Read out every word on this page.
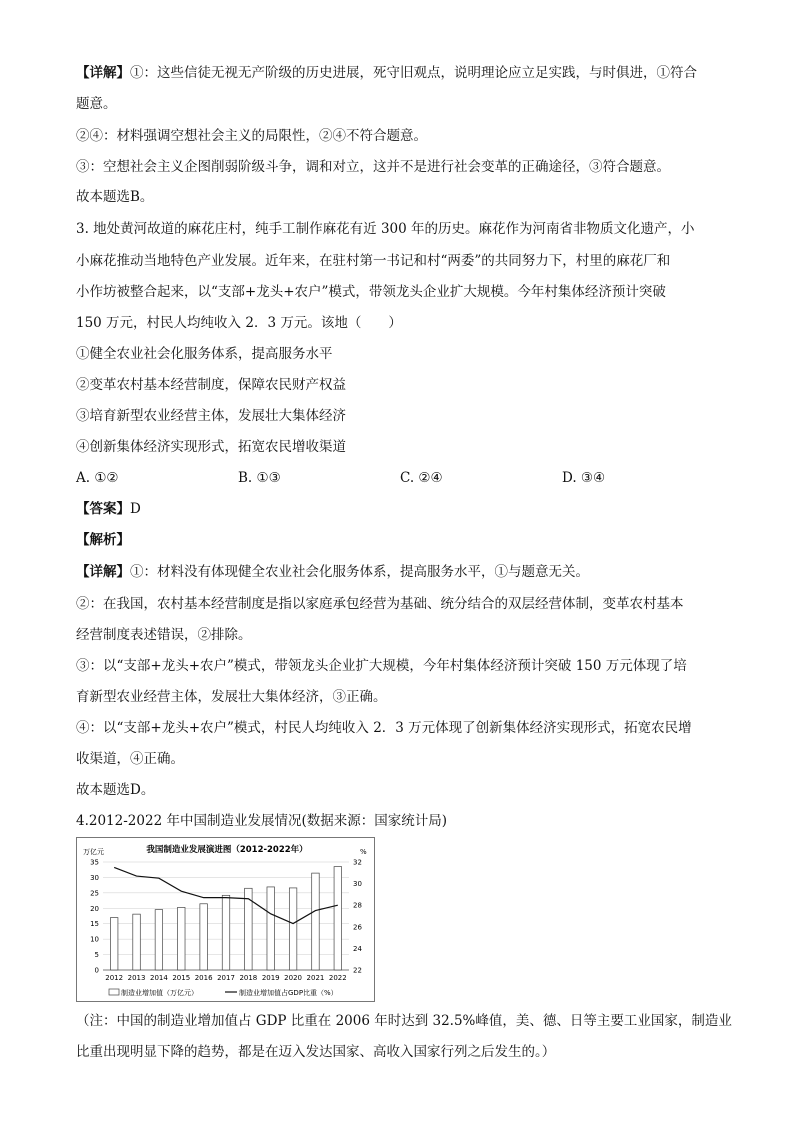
【详解】①：这些信徒无视无产阶级的历史进展，死守旧观点，说明理论应立足实践，与时俱进，①符合
题意。
②④：材料强调空想社会主义的局限性，②④不符合题意。
③：空想社会主义企图削弱阶级斗争，调和对立，这并不是进行社会变革的正确途径，③符合题意。
故本题选B。
3. 地处黄河故道的麻花庄村，纯手工制作麻花有近 300 年的历史。麻花作为河南省非物质文化遗产，小
小麻花推动当地特色产业发展。近年来，在驻村第一书记和村“两委”的共同努力下，村里的麻花厂和
小作坊被整合起来，以“支部+龙头+农户”模式，带领龙头企业扩大规模。今年村集体经济预计突破
150 万元，村民人均纯收入 2．3 万元。该地（　　）
①健全农业社会化服务体系，提高服务水平
②变革农村基本经营制度，保障农民财产权益
③培育新型农业经营主体，发展壮大集体经济
④创新集体经济实现形式，拓宽农民增收渠道
A. ①②	B. ①③	C. ②④	D. ③④
【答案】D
【解析】
【详解】①：材料没有体现健全农业社会化服务体系，提高服务水平，①与题意无关。
②：在我国，农村基本经营制度是指以家庭承包经营为基础、统分结合的双层经营体制，变革农村基本
经营制度表述错误，②排除。
③：以“支部+龙头+农户”模式，带领龙头企业扩大规模，今年村集体经济预计突破 150 万元体现了培
育新型农业经营主体，发展壮大集体经济，③正确。
④：以“支部+龙头+农户”模式，村民人均纯收入 2．3 万元体现了创新集体经济实现形式，拓宽农民增
收渠道，④正确。
故本题选D。
4.2012-2022 年中国制造业发展情况(数据来源：国家统计局)
我国制造业发展演进图（2012-2022年）
万亿元	%
0
5
10
15
20
25
30
35
22
24
26
28
30
32
2012 2013 2014 2015 2016 2017 2018 2019 2020 2021 2022
制造业增加值（万亿元）	制造业增加值占GDP比重（%）
（注：中国的制造业增加值占 GDP 比重在 2006 年时达到 32.5%峰值，美、德、日等主要工业国家，制造业
比重出现明显下降的趋势，都是在迈入发达国家、高收入国家行列之后发生的。）
